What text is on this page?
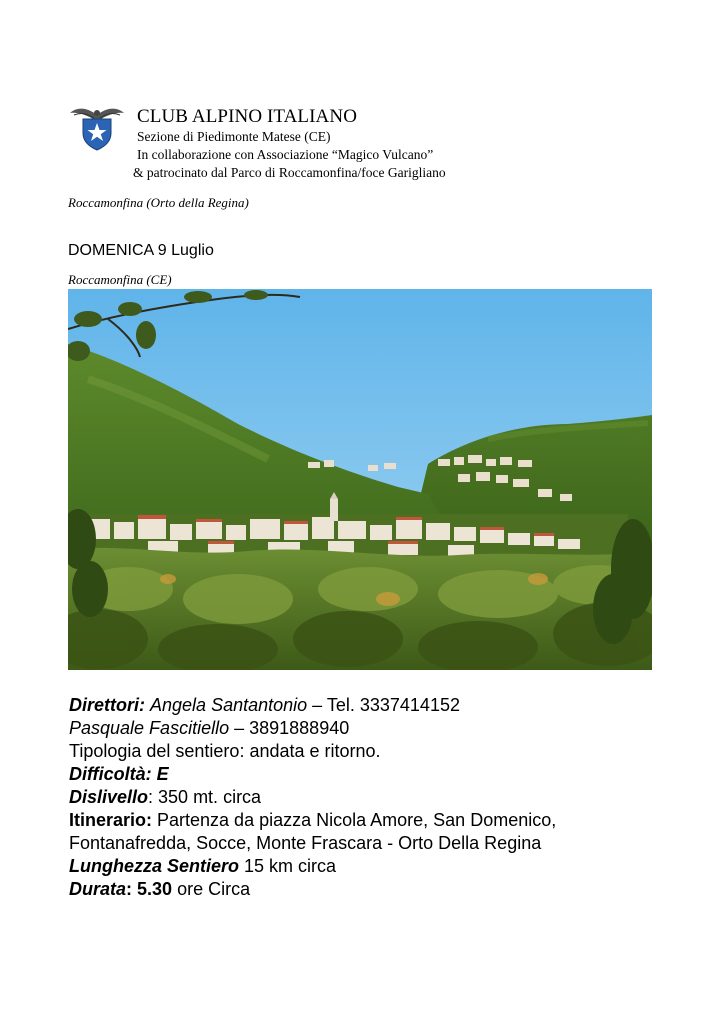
CLUB ALPINO ITALIANO
Sezione di Piedimonte Matese (CE)
In collaborazione con Associazione “Magico Vulcano”
& patrocinato dal Parco di Roccamonfina/foce Garigliano
Roccamonfina (Orto della Regina)
DOMENICA 9 Luglio
Roccamonfina (CE)
Direttori: Angela Santantonio – Tel. 3337414152
Pasquale Fascitiello – 3891888940
Tipologia del sentiero: andata e ritorno.
Difficoltà: E
Dislivello: 350 mt. circa
Itinerario: Partenza da piazza Nicola Amore, San Domenico,
Fontanafredda, Socce, Monte Frascara - Orto Della Regina
Lunghezza Sentiero 15 km circa
Durata: 5.30 ore Circa
